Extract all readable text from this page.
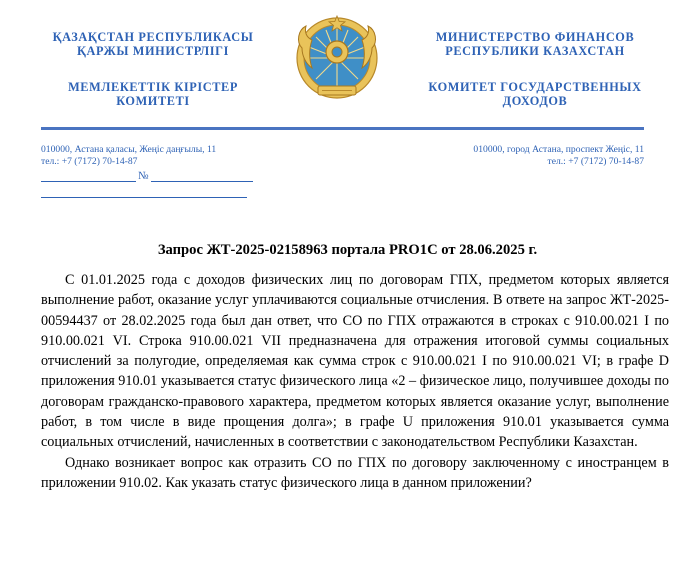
ҚАЗАҚСТАН РЕСПУБЛИКАСЫ
ҚАРЖЫ МИНИСТРЛІГІ
МЕМЛЕКЕТТІК КІРІСТЕР
КОМИТЕТІ
МИНИСТЕРСТВО ФИНАНСОВ
РЕСПУБЛИКИ КАЗАХСТАН
КОМИТЕТ ГОСУДАРСТВЕННЫХ
ДОХОДОВ
010000, Астана қаласы, Жеңіс даңғылы, 11
тел.: +7 (7172) 70-14-87
010000, город Астана, проспект Жеңіс, 11
тел.: +7 (7172) 70-14-87
№
Запрос ЖТ-2025-02158963 портала PRO1C от 28.06.2025 г.

С 01.01.2025 года с доходов физических лиц по договорам ГПХ, предметом которых является выполнение работ, оказание услуг уплачиваются социальные отчисления. В ответе на запрос ЖТ-2025-00594437 от 28.02.2025 года был дан ответ, что СО по ГПХ отражаются в строках с 910.00.021 I по 910.00.021 VI. Строка 910.00.021 VII предназначена для отражения итоговой суммы социальных отчислений за полугодие, определяемая как сумма строк с 910.00.021 I по 910.00.021 VI; в графе D приложения 910.01 указывается статус физического лица «2 – физическое лицо, получившее доходы по договорам гражданско-правового характера, предметом которых является оказание услуг, выполнение работ, в том числе в виде прощения долга»; в графе U приложения 910.01 указывается сумма социальных отчислений, начисленных в соответствии с законодательством Республики Казахстан.

Однако возникает вопрос как отразить СО по ГПХ по договору заключенному с иностранцем в приложении 910.02. Как указать статус физического лица в данном приложении?
